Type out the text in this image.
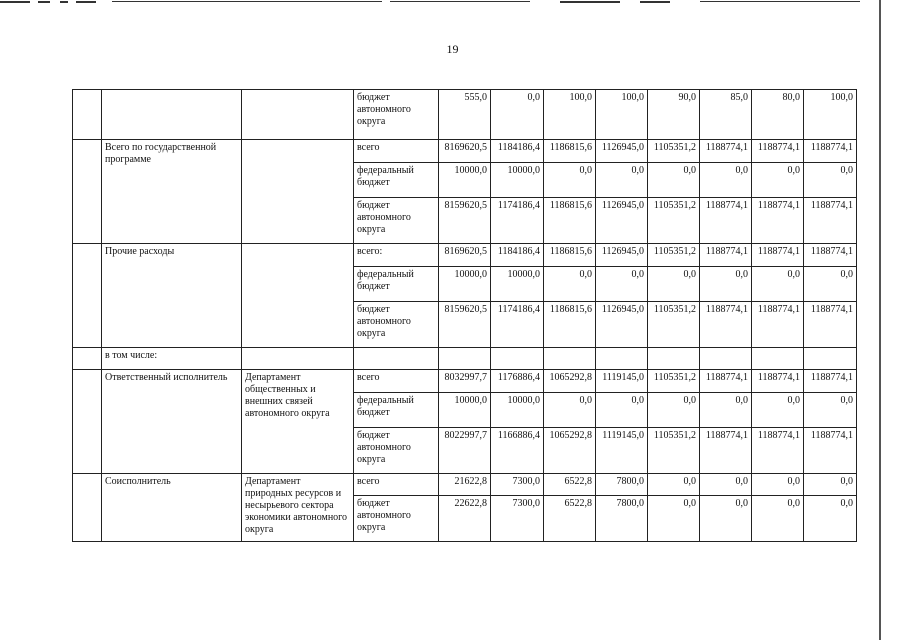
19
			бюджет автономного округа	555,0	0,0	100,0	100,0	90,0	85,0	80,0	100,0
	Всего по государственной программе		всего	8169620,5	1184186,4	1186815,6	1126945,0	1105351,2	1188774,1	1188774,1	1188774,1
			федеральный бюджет	10000,0	10000,0	0,0	0,0	0,0	0,0	0,0	0,0
			бюджет автономного округа	8159620,5	1174186,4	1186815,6	1126945,0	1105351,2	1188774,1	1188774,1	1188774,1
	Прочие расходы		всего:	8169620,5	1184186,4	1186815,6	1126945,0	1105351,2	1188774,1	1188774,1	1188774,1
			федеральный бюджет	10000,0	10000,0	0,0	0,0	0,0	0,0	0,0	0,0
			бюджет автономного округа	8159620,5	1174186,4	1186815,6	1126945,0	1105351,2	1188774,1	1188774,1	1188774,1
	в том числе:										
	Ответственный исполнитель	Департамент общественных и внешних связей автономного округа	всего	8032997,7	1176886,4	1065292,8	1119145,0	1105351,2	1188774,1	1188774,1	1188774,1
			федеральный бюджет	10000,0	10000,0	0,0	0,0	0,0	0,0	0,0	0,0
			бюджет автономного округа	8022997,7	1166886,4	1065292,8	1119145,0	1105351,2	1188774,1	1188774,1	1188774,1
	Соисполнитель	Департамент природных ресурсов и несырьевого сектора экономики автономного округа	всего	21622,8	7300,0	6522,8	7800,0	0,0	0,0	0,0	0,0
			бюджет автономного округа	22622,8	7300,0	6522,8	7800,0	0,0	0,0	0,0	0,0
